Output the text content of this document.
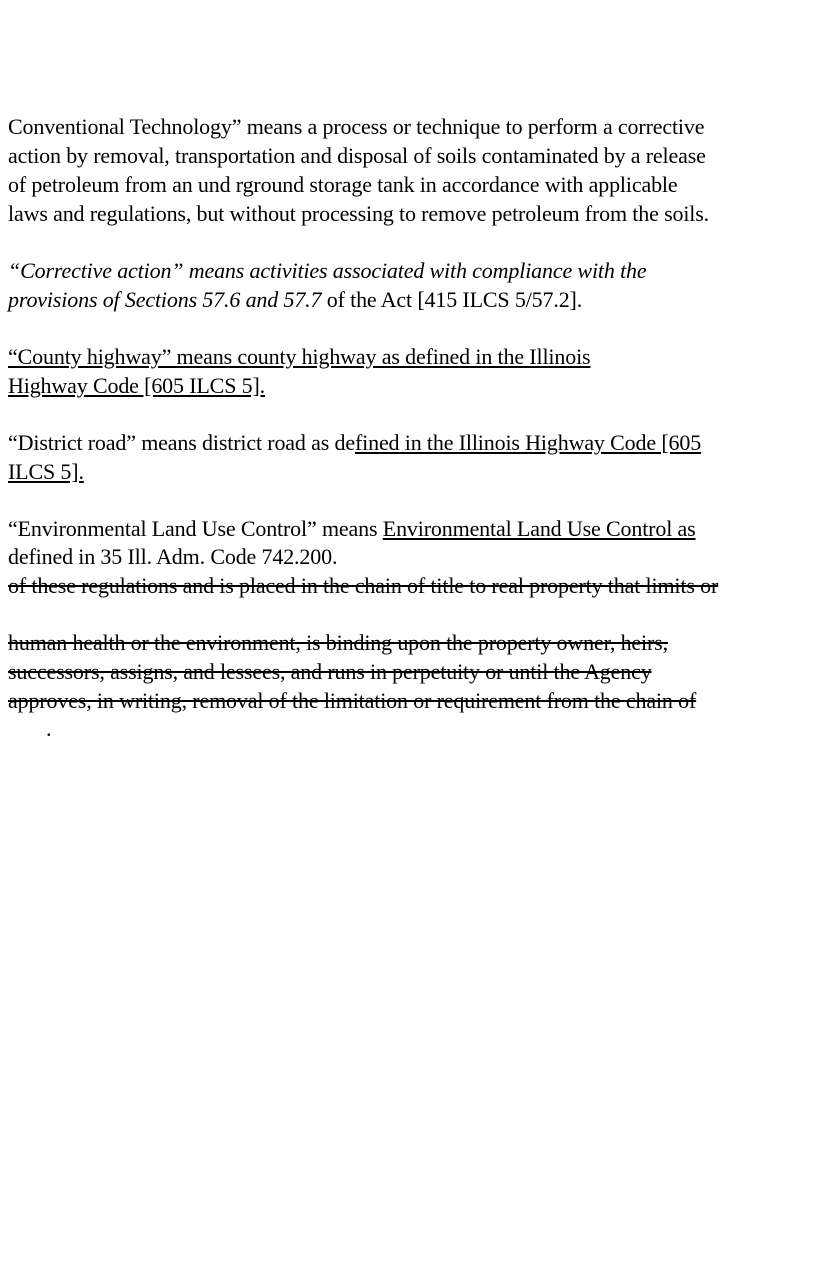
Conventional Technology” means a process or technique to perform a corrective
action by removal, transportation and disposal of soils contaminated by a release
of petroleum from an und rground storage tank in accordance with applicable
laws and regulations, but without processing to remove petroleum from the soils.
“Corrective action” means activities associated with compliance with the
provisions of Sections 57.6 and 57.7 of the Act [415 ILCS 5/57.2].
“County highway” means county highway as defined in the Illinois
Highway Code [605 ILCS 5].
“District road” means district road as defined in the Illinois Highway Code [605
ILCS 5].
“Environmental Land Use Control” means Environmental Land Use Control as
defined in 35 Ill. Adm. Code 742.200.
of these regulations and is placed in the chain of title to real property that limits or
human health or the environment, is binding upon the property owner, heirs,
successors, assigns, and lessees, and runs in perpetuity or until the Agency
approves, in writing, removal of the limitation or requirement from the chain of
.
